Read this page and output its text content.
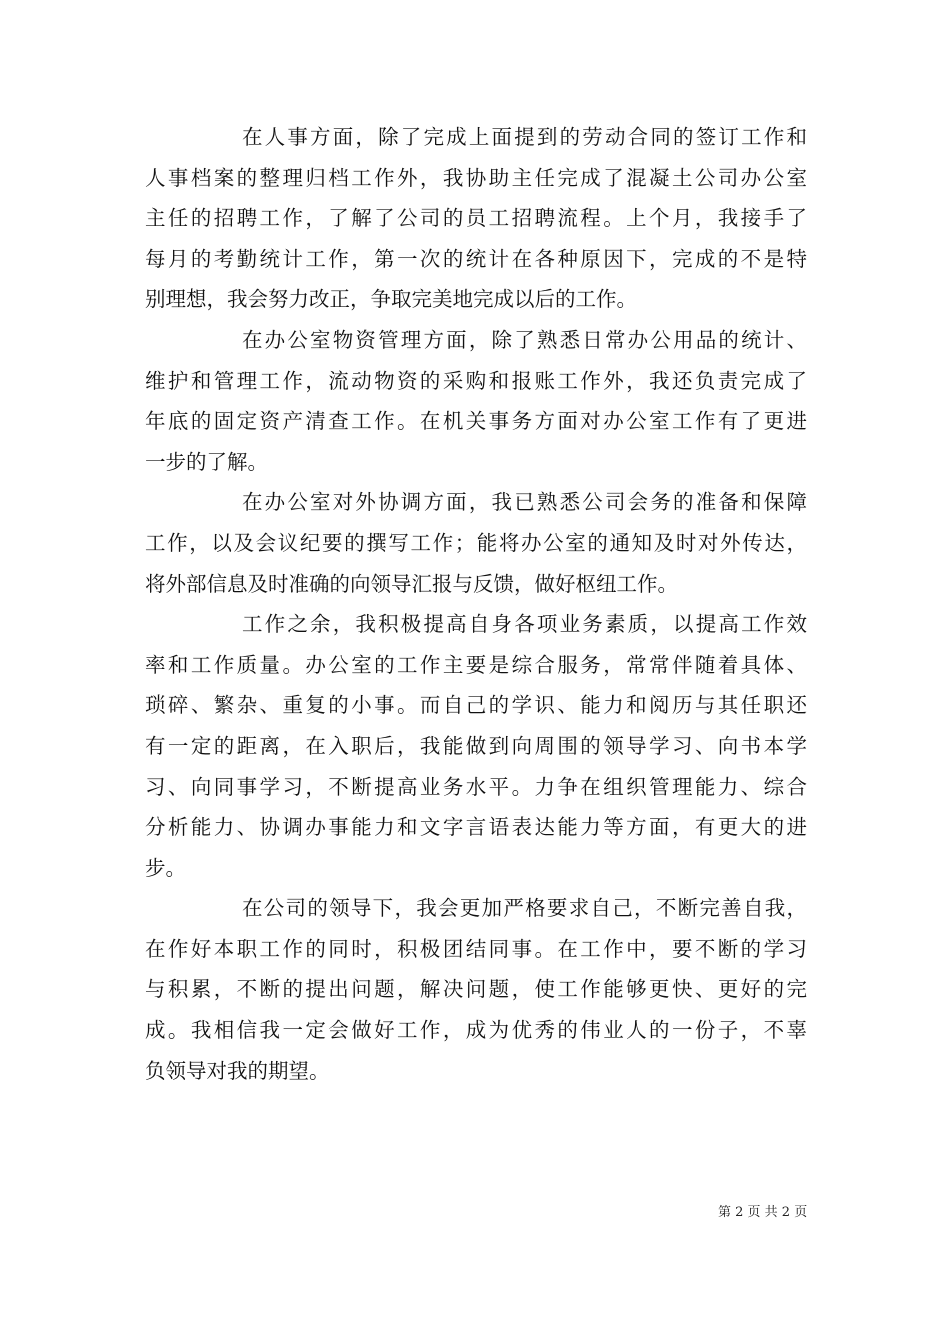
在人事方面，除了完成上面提到的劳动合同的签订工作和
人事档案的整理归档工作外，我协助主任完成了混凝土公司办公室
主任的招聘工作，了解了公司的员工招聘流程。上个月，我接手了
每月的考勤统计工作，第一次的统计在各种原因下，完成的不是特
别理想，我会努力改正，争取完美地完成以后的工作。

在办公室物资管理方面，除了熟悉日常办公用品的统计、
维护和管理工作，流动物资的采购和报账工作外，我还负责完成了
年底的固定资产清查工作。在机关事务方面对办公室工作有了更进
一步的了解。

在办公室对外协调方面，我已熟悉公司会务的准备和保障
工作，以及会议纪要的撰写工作；能将办公室的通知及时对外传达，
将外部信息及时准确的向领导汇报与反馈，做好枢纽工作。

工作之余，我积极提高自身各项业务素质，以提高工作效
率和工作质量。办公室的工作主要是综合服务，常常伴随着具体、
琐碎、繁杂、重复的小事。而自己的学识、能力和阅历与其任职还
有一定的距离，在入职后，我能做到向周围的领导学习、向书本学
习、向同事学习，不断提高业务水平。力争在组织管理能力、综合
分析能力、协调办事能力和文字言语表达能力等方面，有更大的进
步。

在公司的领导下，我会更加严格要求自己，不断完善自我，
在作好本职工作的同时，积极团结同事。在工作中，要不断的学习
与积累，不断的提出问题，解决问题，使工作能够更快、更好的完
成。我相信我一定会做好工作，成为优秀的伟业人的一份子，不辜
负领导对我的期望。

第 2 页 共 2 页
